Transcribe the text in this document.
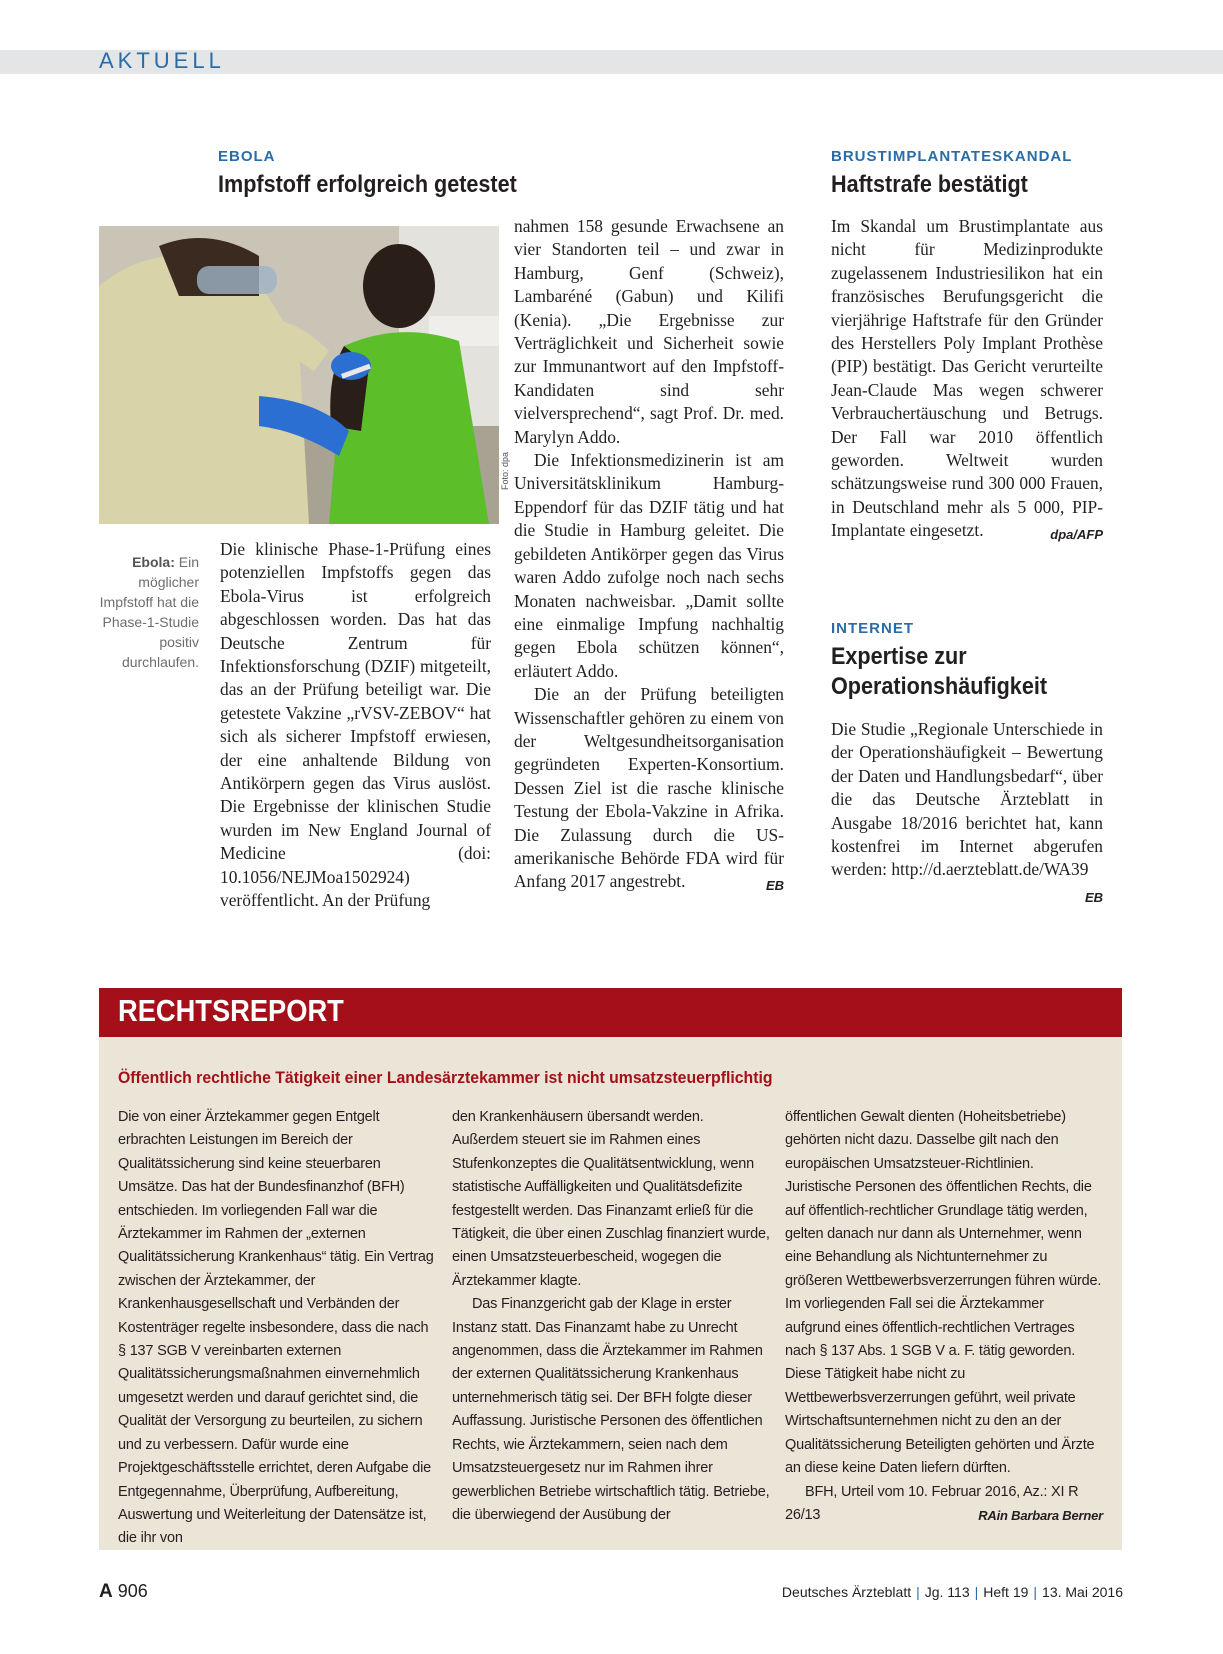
AKTUELL
EBOLA
Impfstoff erfolgreich getestet
Foto: dpa
Ebola: Ein möglicher Impfstoff hat die Phase-1-Studie positiv durchlaufen.

Die klinische Phase-1-Prüfung eines potenziellen Impfstoffs gegen das Ebola-Virus ist erfolgreich abgeschlossen worden. Das hat das Deutsche Zentrum für Infektionsforschung (DZIF) mitgeteilt, das an der Prüfung beteiligt war. Die getestete Vakzine „rVSV-ZEBOV“ hat sich als sicherer Impfstoff erwiesen, der eine anhaltende Bildung von Antikörpern gegen das Virus auslöst. Die Ergebnisse der klinischen Studie wurden im New England Journal of Medicine (doi: 10.1056/NEJMoa1502924) veröffentlicht. An der Prüfung

nahmen 158 gesunde Erwachsene an vier Standorten teil – und zwar in Hamburg, Genf (Schweiz), Lambaréné (Gabun) und Kilifi (Kenia). „Die Ergebnisse zur Verträglichkeit und Sicherheit sowie zur Immunantwort auf den Impfstoff-Kandidaten sind sehr vielversprechend“, sagt Prof. Dr. med. Marylyn Addo.

Die Infektionsmedizinerin ist am Universitätsklinikum Hamburg-Eppendorf für das DZIF tätig und hat die Studie in Hamburg geleitet. Die gebildeten Antikörper gegen das Virus waren Addo zufolge noch nach sechs Monaten nachweisbar. „Damit sollte eine einmalige Impfung nachhaltig gegen Ebola schützen können“, erläutert Addo.

Die an der Prüfung beteiligten Wissenschaftler gehören zu einem von der Weltgesundheitsorganisation gegründeten Experten-Konsortium. Dessen Ziel ist die rasche klinische Testung der Ebola-Vakzine in Afrika. Die Zulassung durch die US-amerikanische Behörde FDA wird für Anfang 2017 angestrebt.	EB

BRUSTIMPLANTATESKANDAL
Haftstrafe bestätigt

Im Skandal um Brustimplantate aus nicht für Medizinprodukte zugelassenem Industriesilikon hat ein französisches Berufungsgericht die vierjährige Haftstrafe für den Gründer des Herstellers Poly Implant Prothèse (PIP) bestätigt. Das Gericht verurteilte Jean-Claude Mas wegen schwerer Verbrauchertäuschung und Betrugs. Der Fall war 2010 öffentlich geworden. Weltweit wurden schätzungsweise rund 300 000 Frauen, in Deutschland mehr als 5 000, PIP-Implantate eingesetzt.	dpa/AFP

INTERNET
Expertise zur
Operationshäufigkeit

Die Studie „Regionale Unterschiede in der Operationshäufigkeit – Bewertung der Daten und Handlungsbedarf“, über die das Deutsche Ärzteblatt in Ausgabe 18/2016 berichtet hat, kann kostenfrei im Internet abgerufen werden: http://d.aerzteblatt.de/WA39
EB

RECHTSREPORT
Öffentlich rechtliche Tätigkeit einer Landesärztekammer ist nicht umsatzsteuerpflichtig

Die von einer Ärztekammer gegen Entgelt erbrachten Leistungen im Bereich der Qualitätssicherung sind keine steuerbaren Umsätze. Das hat der Bundesfinanzhof (BFH) entschieden. Im vorliegenden Fall war die Ärztekammer im Rahmen der „externen Qualitätssicherung Krankenhaus“ tätig. Ein Vertrag zwischen der Ärztekammer, der Krankenhausgesellschaft und Verbänden der Kostenträger regelte insbesondere, dass die nach § 137 SGB V vereinbarten externen Qualitätssicherungsmaßnahmen einvernehmlich umgesetzt werden und darauf gerichtet sind, die Qualität der Versorgung zu beurteilen, zu sichern und zu verbessern. Dafür wurde eine Projektgeschäftsstelle errichtet, deren Aufgabe die Entgegennahme, Überprüfung, Aufbereitung, Auswertung und Weiterleitung der Datensätze ist, die ihr von

den Krankenhäusern übersandt werden. Außerdem steuert sie im Rahmen eines Stufenkonzeptes die Qualitätsentwicklung, wenn statistische Auffälligkeiten und Qualitätsdefizite festgestellt werden. Das Finanzamt erließ für die Tätigkeit, die über einen Zuschlag finanziert wurde, einen Umsatzsteuerbescheid, wogegen die Ärztekammer klagte.

Das Finanzgericht gab der Klage in erster Instanz statt. Das Finanzamt habe zu Unrecht angenommen, dass die Ärztekammer im Rahmen der externen Qualitätssicherung Krankenhaus unternehmerisch tätig sei. Der BFH folgte dieser Auffassung. Juristische Personen des öffentlichen Rechts, wie Ärztekammern, seien nach dem Umsatzsteuergesetz nur im Rahmen ihrer gewerblichen Betriebe wirtschaftlich tätig. Betriebe, die überwiegend der Ausübung der

öffentlichen Gewalt dienten (Hoheitsbetriebe) gehörten nicht dazu. Dasselbe gilt nach den europäischen Umsatzsteuer-Richtlinien. Juristische Personen des öffentlichen Rechts, die auf öffentlich-rechtlicher Grundlage tätig werden, gelten danach nur dann als Unternehmer, wenn eine Behandlung als Nichtunternehmer zu größeren Wettbewerbsverzerrungen führen würde. Im vorliegenden Fall sei die Ärztekammer aufgrund eines öffentlich-rechtlichen Vertrages nach § 137 Abs. 1 SGB V a. F. tätig geworden. Diese Tätigkeit habe nicht zu Wettbewerbsverzerrungen geführt, weil private Wirtschaftsunternehmen nicht zu den an der Qualitätssicherung Beteiligten gehörten und Ärzte an diese keine Daten liefern dürften.

BFH, Urteil vom 10. Februar 2016, Az.: XI R 26/13	RAin Barbara Berner

A 906	Deutsches Ärzteblatt | Jg. 113 | Heft 19 | 13. Mai 2016
